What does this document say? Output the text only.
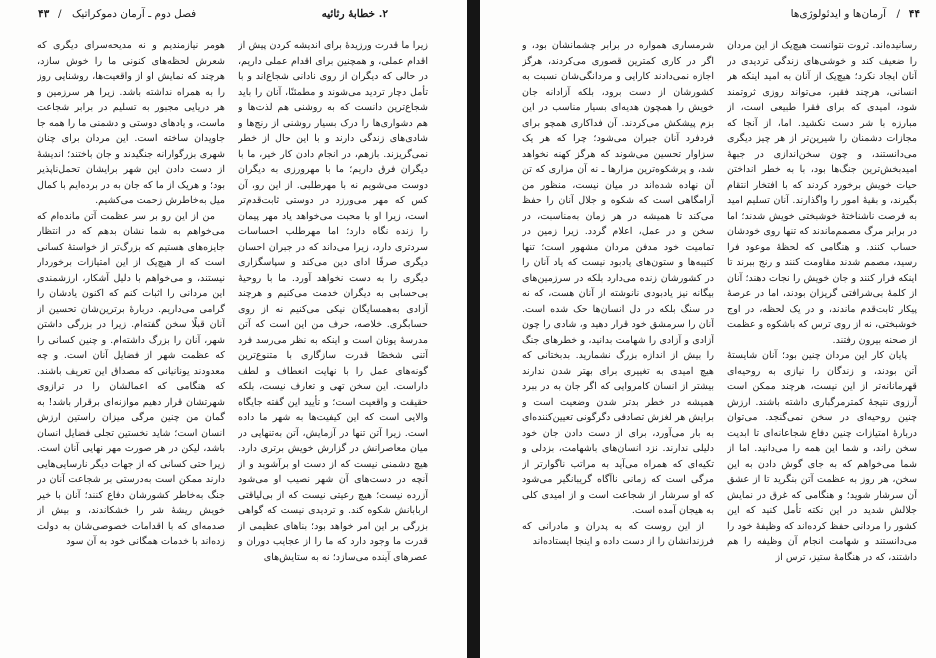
۴۳ / فصل دوم ـ آرمان دموکراتیک	۲. خطابهٔ رثائیه

زیرا ما قدرت ورزیدهٔ برای اندیشه کردن پیش از اقدام عملی، و همچنین برای اقدام عملی داریم، در حالی که دیگران از روی نادانی شجاع‌اند و با تأمل دچار تردید می‌شوند و مطمئنًا، آنان را باید شجاع‌ترین دانست که به روشنی هم لذت‌ها و هم دشواری‌ها را درک بسیار روشنی از رنج‌ها و شادی‌های زندگی دارند و با این حال از خطر نمی‌گریزند. بازهم، در انجام دادن کار خیر، ما با دیگران فرق داریم؛ ما با مهرورزی به دیگران دوست می‌شویم نه با مهرطلبی. از این رو، آن کس که مهر می‌ورزد در دوستی ثابت‌قدم‌تر است، زیرا او با محبت می‌خواهد یاد مهر پیمان را زنده نگاه دارد؛ اما مهرطلب احساسات سردتری دارد، زیرا می‌داند که در جبران احسان دیگری صرفًا ادای دین می‌کند و سپاسگزاری دیگری را به دست نخواهد آورد. ما با روحیهٔ بی‌حسابی به دیگران خدمت می‌کنیم و هرچند آزادی به‌همسایگان نیکی می‌کنیم نه از روی حسابگری. خلاصه، حرف من این است که آتن مدرسهٔ یونان است و اینکه به نظر می‌رسد فرد آتنی شخصًا قدرت سازگاری با متنوع‌ترین گونه‌های عمل را با نهایت انعطاف و لطف داراست. این سخن تهی و تعارف نیست، بلکه حقیقت و واقعیت است؛ و تأیید این گفته جایگاه والایی است که این کیفیت‌ها به شهر ما داده است. زیرا آتن تنها در آزمایش، آتن به‌تنهایی در میان معاصرانش در گزارش خویش برتری دارد. هیچ دشمنی نیست که از دست او برآشوبد و از آنچه در دست‌های آن شهر نصیب او می‌شود آزرده نیست؛ هیچ رعیتی نیست که از بی‌لیاقتی اربابانش شکوه کند. و تردیدی نیست که گواهی بزرگی بر این امر خواهد بود؛ بناهای عظیمی از قدرت ما وجود دارد که ما را از عجایب دوران و عصرهای آینده می‌سازد؛ نه به ستایش‌های

هومر نیازمندیم و نه مدیحه‌سرای دیگری که شعرش لحظه‌های کنونی ما را خوش سازد، هرچند که نمایش او از واقعیت‌ها، روشنایی روز را به همراه نداشته باشد. زیرا هر سرزمین و هر دریایی مجبور به تسلیم در برابر شجاعت ماست، و یادهای دوستی و دشمنی ما را همه جا جاویدان ساخته است. این مردان برای چنان شهری بزرگوارانه جنگیدند و جان باختند؛ اندیشهٔ از دست دادن این شهر برایشان تحمل‌ناپذیر بود؛ و هریک از ما که جان به در برده‌ایم با کمال میل به‌خاطرش زحمت می‌کشیم.

من از این رو بر سر عظمت آتن مانده‌ام که می‌خواهم به شما نشان بدهم که در انتظار جایزه‌های هستیم که بزرگ‌تر از خواستهٔ کسانی است که از هیچ‌یک از این امتیازات برخوردار نیستند، و می‌خواهم با دلیل آشکار، ارزشمندی این مردانی را اثبات کنم که اکنون یادشان را گرامی می‌داریم. دربارهٔ برترین‌شان تحسین از آنان قبلًا سخن گفته‌ام. زیرا در بزرگی داشتن شهر، آنان را بزرگ داشته‌ام. و چنین کسانی را که عظمت شهر از فضایل آنان است. و چه معدودند یونانیانی که مصداق این تعریف باشند. که هنگامی که اعمالشان را در ترازوی شهرتشان قرار دهیم موازنه‌ای برقرار باشد! به گمان من چنین مرگی میزان راستین ارزش انسان است؛ شاید نخستین تجلی فضایل انسان باشد، لیکن در هر صورت مهر نهایی آنان است. زیرا حتی کسانی که از جهات دیگر نارسایی‌هایی دارند ممکن است به‌درستی بر شجاعت آنان در جنگ به‌خاطر کشورشان دفاع کنند؛ آنان با خیر خویش ریشهٔ شر را خشکاندند، و بیش از صدمه‌ای که با اقدامات خصوصی‌شان به دولت زده‌اند با خدمات همگانی خود به آن سود

۴۴
/
آرمان‌ها و ایدئولوژی‌ها

رسانیده‌اند. ثروت نتوانست هیچ‌یک از این مردان را ضعیف کند و خوشی‌های زندگی تردیدی در آنان ایجاد نکرد؛ هیچ‌یک از آنان به امید اینکه هر انسانی، هرچند فقیر، می‌تواند روزی ثروتمند شود، امیدی که برای فقرا طبیعی است، از مبارزه با شر دست نکشید. اما، از آنجا که مجازات دشمنان را شیرین‌تر از هر چیز دیگری می‌دانستند، و چون سخن‌اندازی در جبههٔ امیدبخش‌ترین جنگ‌ها بود، با به خطر انداختن حیات خویش برخورد کردند که با افتخار انتقام بگیرند، و بقیهٔ امور را واگذارند. آنان تسلیم امید به فرصت ناشناختهٔ خوشبختی خویش شدند؛ اما در برابر مرگ مصمم‌ماندند که تنها روی خودشان حساب کنند. و هنگامی که لحظهٔ موعود فرا رسید، مصمم شدند مقاومت کنند و رنج ببرند تا اینکه فرار کنند و جان خویش را نجات دهند؛ آنان از کلمهٔ بی‌شرافتی گریزان بودند، اما در عرصهٔ پیکار ثابت‌قدم ماندند، و در یک لحظه، در اوج خوشبختی، نه از روی ترس که باشکوه و عظمت از صحنه بیرون رفتند.

پایان کار این مردان چنین بود؛ آنان شایستهٔ آتن بودند، و زندگان را نیازی به روحیه‌ای قهرمانانه‌تر از این نیست، هرچند ممکن است آرزوی نتیجهٔ کمترمرگباری داشته باشند. ارزش چنین روحیه‌ای در سخن نمی‌گنجد. می‌توان دربارهٔ امتیازات چنین دفاع شجاعانه‌ای تا ابدیت سخن راند، و شما این همه را می‌دانید. اما از شما می‌خواهم که به جای گوش دادن به این سخن، هر روز به عظمت آتن بنگرید تا از عشق آن سرشار شوید؛ و هنگامی که غرق در نمایش جلالش شدید در این نکته تأمل کنید که این کشور را مردانی حفظ کرده‌اند که وظیفهٔ خود را می‌دانستند و شهامت انجام آن وظیفه را هم داشتند، که در هنگامهٔ ستیز، ترس از

شرمساری همواره در برابر چشمانشان بود، و اگر در کاری کمترین قصوری می‌کردند، هرگز اجازه نمی‌دادند کارایی و مردانگی‌شان نسبت به کشورشان از دست برود، بلکه آزادانه جان خویش را همچون هدیه‌ای بسیار مناسب در این بزم پیشکش می‌کردند. آن فداکاری همچو برای فردفرد آنان جبران می‌شود؛ چرا که هر یک سزاوار تحسین می‌شوند که هرگز کهنه نخواهد شد، و پرشکوه‌ترین مزارها ـ نه آن مزاری که تن آن نهاده شده‌اند در میان نیست، منظور من آرامگاهی است که شکوه و جلال آنان را حفظ می‌کند تا همیشه در هر زمان به‌مناسبت، در سخن و در عمل، اعلام گردد. زیرا زمین در تمامیت خود مدفن مردان مشهور است؛ تنها کتیبه‌ها و ستون‌های یادبود نیست که یاد آنان را در کشورشان زنده می‌دارد بلکه در سرزمین‌های بیگانه نیز یادبودی نانوشته از آنان هست، که نه در سنگ بلکه در دل انسان‌ها حک شده است. آنان را سرمشق خود قرار دهید و، شادی را چون آزادی و آزادی را شهامت بدانید، و خطرهای جنگ را بیش از اندازه بزرگ نشمارید. بدبختانی که هیچ امیدی به تغییری برای بهتر شدن ندارند بیشتر از انسان کامروایی که اگر جان به در ببرد همیشه در خطر بدتر شدن وضعیت است و برایش هر لغزش تصادفی دگرگونی تعیین‌کننده‌ای به بار می‌آورد، برای از دست دادن جان خود دلیلی ندارند. نزد انسان‌های باشهامت، بزدلی و تکیه‌ای که همراه می‌آید به مراتب ناگوارتر از مرگی است که زمانی ناآگاه گریبانگیر می‌شود که او سرشار از شجاعت است و از امیدی کلی به هیجان آمده است.

از این روست که به پدران و مادرانی که فرزندانشان را از دست داده و اینجا ایستاده‌اند
